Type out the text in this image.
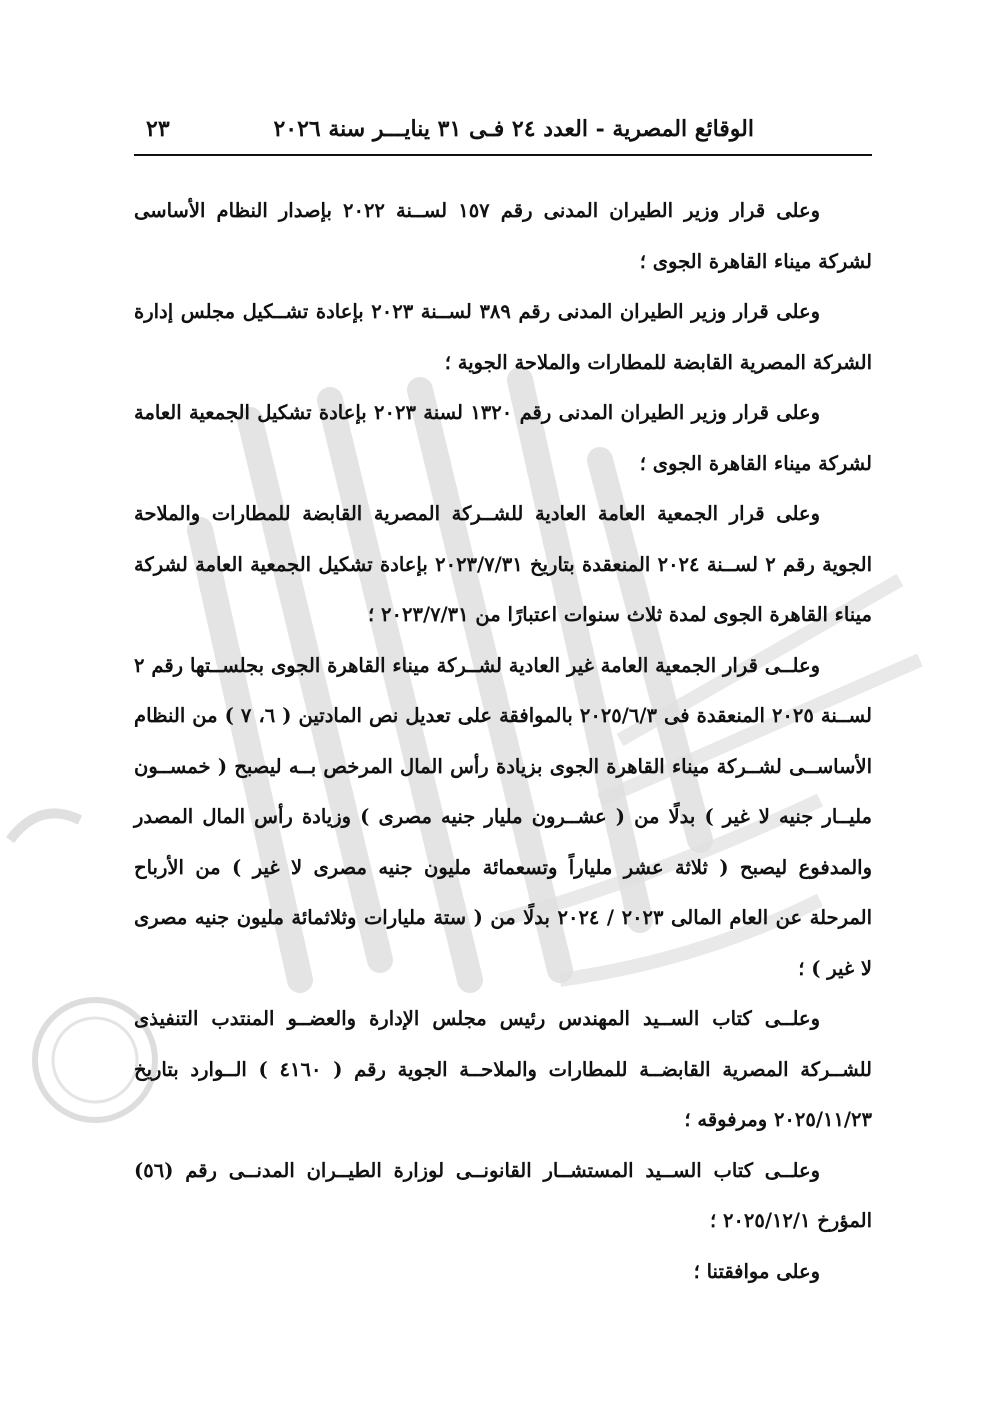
الوقائع المصرية - العدد ٢٤ فـى ٣١ ينايـــر سنة ٢٠٢٦
٢٣

وعلى قرار وزير الطيران المدنى رقم ١٥٧ لســنة ٢٠٢٢ بإصدار النظام الأساسى لشركة ميناء القاهرة الجوى ؛

وعلى قرار وزير الطيران المدنى رقم ٣٨٩ لســنة ٢٠٢٣ بإعادة تشــكيل مجلس إدارة الشركة المصرية القابضة للمطارات والملاحة الجوية ؛

وعلى قرار وزير الطيران المدنى رقم ١٣٢٠ لسنة ٢٠٢٣ بإعادة تشكيل الجمعية العامة لشركة ميناء القاهرة الجوى ؛

وعلى قرار الجمعية العامة العادية للشــركة المصرية القابضة للمطارات والملاحة الجوية رقم ٢ لســنة ٢٠٢٤ المنعقدة بتاريخ ٢٠٢٣/٧/٣١ بإعادة تشكيل الجمعية العامة لشركة ميناء القاهرة الجوى لمدة ثلاث سنوات اعتبارًا من ٢٠٢٣/٧/٣١ ؛

وعلــى قرار الجمعية العامة غير العادية لشــركة ميناء القاهرة الجوى بجلســتها رقم ٢ لســنة ٢٠٢٥ المنعقدة فى ٢٠٢٥/٦/٣ بالموافقة على تعديل نص المادتين ( ٦، ٧ ) من النظام الأساســى لشــركة ميناء القاهرة الجوى بزيادة رأس المال المرخص بــه ليصبح ( خمســون مليــار جنيه لا غير ) بدلًا من ( عشــرون مليار جنيه مصرى ) وزيادة رأس المال المصدر والمدفوع ليصبح ( ثلاثة عشر ملياراً وتسعمائة مليون جنيه مصرى لا غير ) من الأرباح المرحلة عن العام المالى ٢٠٢٣ / ٢٠٢٤ بدلًا من ( ستة مليارات وثلاثمائة مليون جنيه مصرى لا غير ) ؛

وعلــى كتاب الســيد المهندس رئيس مجلس الإدارة والعضــو المنتدب التنفيذى للشــركة المصرية القابضــة للمطارات والملاحــة الجوية رقم ( ٤١٦٠ ) الــوارد بتاريخ ٢٠٢٥/١١/٢٣ ومرفوقه ؛

وعلــى كتاب الســيد المستشــار القانونــى لوزارة الطيــران المدنــى رقم (٥٦) المؤرخ ٢٠٢٥/١٢/١ ؛

وعلى موافقتنا ؛
